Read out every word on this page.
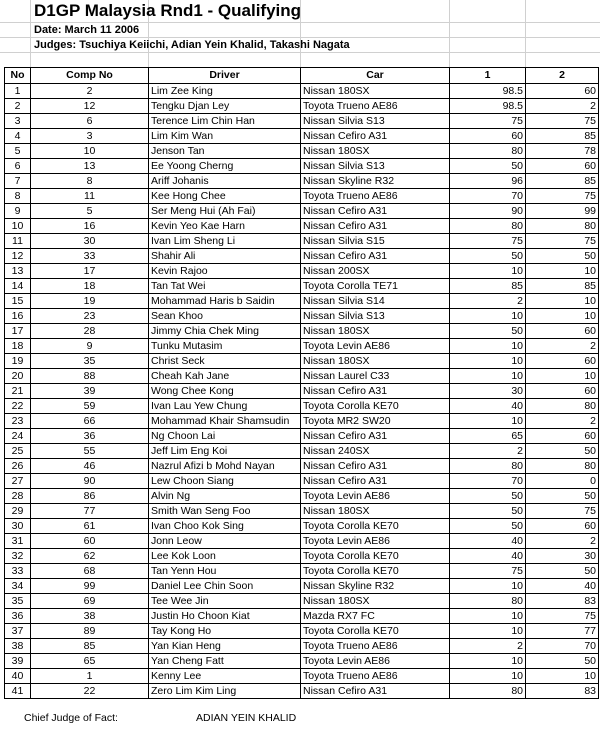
D1GP Malaysia Rnd1 - Qualifying
Date: March 11 2006
Judges: Tsuchiya Keiichi, Adian Yein Khalid, Takashi Nagata
No	Comp No	Driver	Car	1	2
1	2	Lim Zee King	Nissan 180SX	98.5	60
2	12	Tengku Djan Ley	Toyota Trueno AE86	98.5	2
3	6	Terence Lim Chin Han	Nissan Silvia S13	75	75
4	3	Lim Kim Wan	Nissan Cefiro A31	60	85
5	10	Jenson Tan	Nissan 180SX	80	78
6	13	Ee Yoong Cherng	Nissan Silvia S13	50	60
7	8	Ariff Johanis	Nissan Skyline R32	96	85
8	11	Kee Hong Chee	Toyota Trueno AE86	70	75
9	5	Ser Meng Hui (Ah Fai)	Nissan Cefiro A31	90	99
10	16	Kevin Yeo Kae Harn	Nissan Cefiro A31	80	80
11	30	Ivan Lim Sheng Li	Nissan Silvia S15	75	75
12	33	Shahir Ali	Nissan Cefiro A31	50	50
13	17	Kevin Rajoo	Nissan 200SX	10	10
14	18	Tan Tat Wei	Toyota Corolla TE71	85	85
15	19	Mohammad Haris b Saidin	Nissan Silvia S14	2	10
16	23	Sean Khoo	Nissan Silvia S13	10	10
17	28	Jimmy Chia Chek Ming	Nissan 180SX	50	60
18	9	Tunku Mutasim	Toyota Levin AE86	10	2
19	35	Christ Seck	Nissan 180SX	10	60
20	88	Cheah Kah Jane	Nissan Laurel C33	10	10
21	39	Wong Chee Kong	Nissan Cefiro A31	30	60
22	59	Ivan Lau Yew Chung	Toyota Corolla KE70	40	80
23	66	Mohammad Khair Shamsudin	Toyota MR2 SW20	10	2
24	36	Ng Choon Lai	Nissan Cefiro A31	65	60
25	55	Jeff Lim Eng Koi	Nissan 240SX	2	50
26	46	Nazrul Afizi b Mohd Nayan	Nissan Cefiro A31	80	80
27	90	Lew Choon Siang	Nissan Cefiro A31	70	0
28	86	Alvin Ng	Toyota Levin AE86	50	50
29	77	Smith Wan Seng Foo	Nissan 180SX	50	75
30	61	Ivan Choo Kok Sing	Toyota Corolla KE70	50	60
31	60	Jonn Leow	Toyota Levin AE86	40	2
32	62	Lee Kok Loon	Toyota Corolla KE70	40	30
33	68	Tan Yenn Hou	Toyota Corolla KE70	75	50
34	99	Daniel Lee Chin Soon	Nissan Skyline R32	10	40
35	69	Tee Wee Jin	Nissan 180SX	80	83
36	38	Justin Ho Choon Kiat	Mazda RX7 FC	10	75
37	89	Tay Kong Ho	Toyota Corolla KE70	10	77
38	85	Yan Kian Heng	Toyota Trueno AE86	2	70
39	65	Yan Cheng Fatt	Toyota Levin AE86	10	50
40	1	Kenny Lee	Toyota Trueno AE86	10	10
41	22	Zero Lim Kim Ling	Nissan Cefiro A31	80	83
Chief Judge of Fact:	ADIAN YEIN KHALID
